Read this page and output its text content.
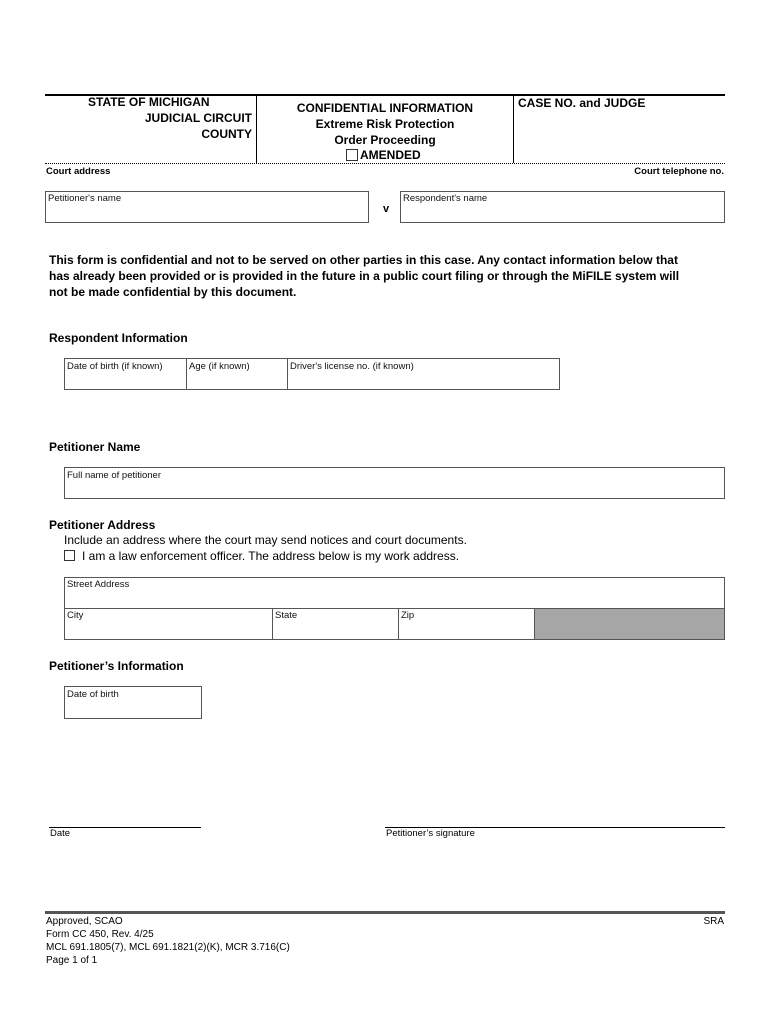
STATE OF MICHIGAN
JUDICIAL CIRCUIT
COUNTY
CONFIDENTIAL INFORMATION
Extreme Risk Protection
Order Proceeding
AMENDED
CASE NO. and JUDGE
Court address	Court telephone no.
Petitioner's name
v
Respondent's name
This form is confidential and not to be served on other parties in this case. Any contact information below that
has already been provided or is provided in the future in a public court filing or through the MiFILE system will
not be made confidential by this document.
Respondent Information
Date of birth (if known)	Age (if known)	Driver's license no. (if known)
Petitioner Name
Full name of petitioner
Petitioner Address
Include an address where the court may send notices and court documents.
I am a law enforcement officer. The address below is my work address.
Street Address
City	State	Zip
Petitioner’s Information
Date of birth
Date	Petitioner’s signature
Approved, SCAO
Form CC 450, Rev. 4/25
MCL 691.1805(7), MCL 691.1821(2)(K), MCR 3.716(C)
Page 1 of 1
SRA
